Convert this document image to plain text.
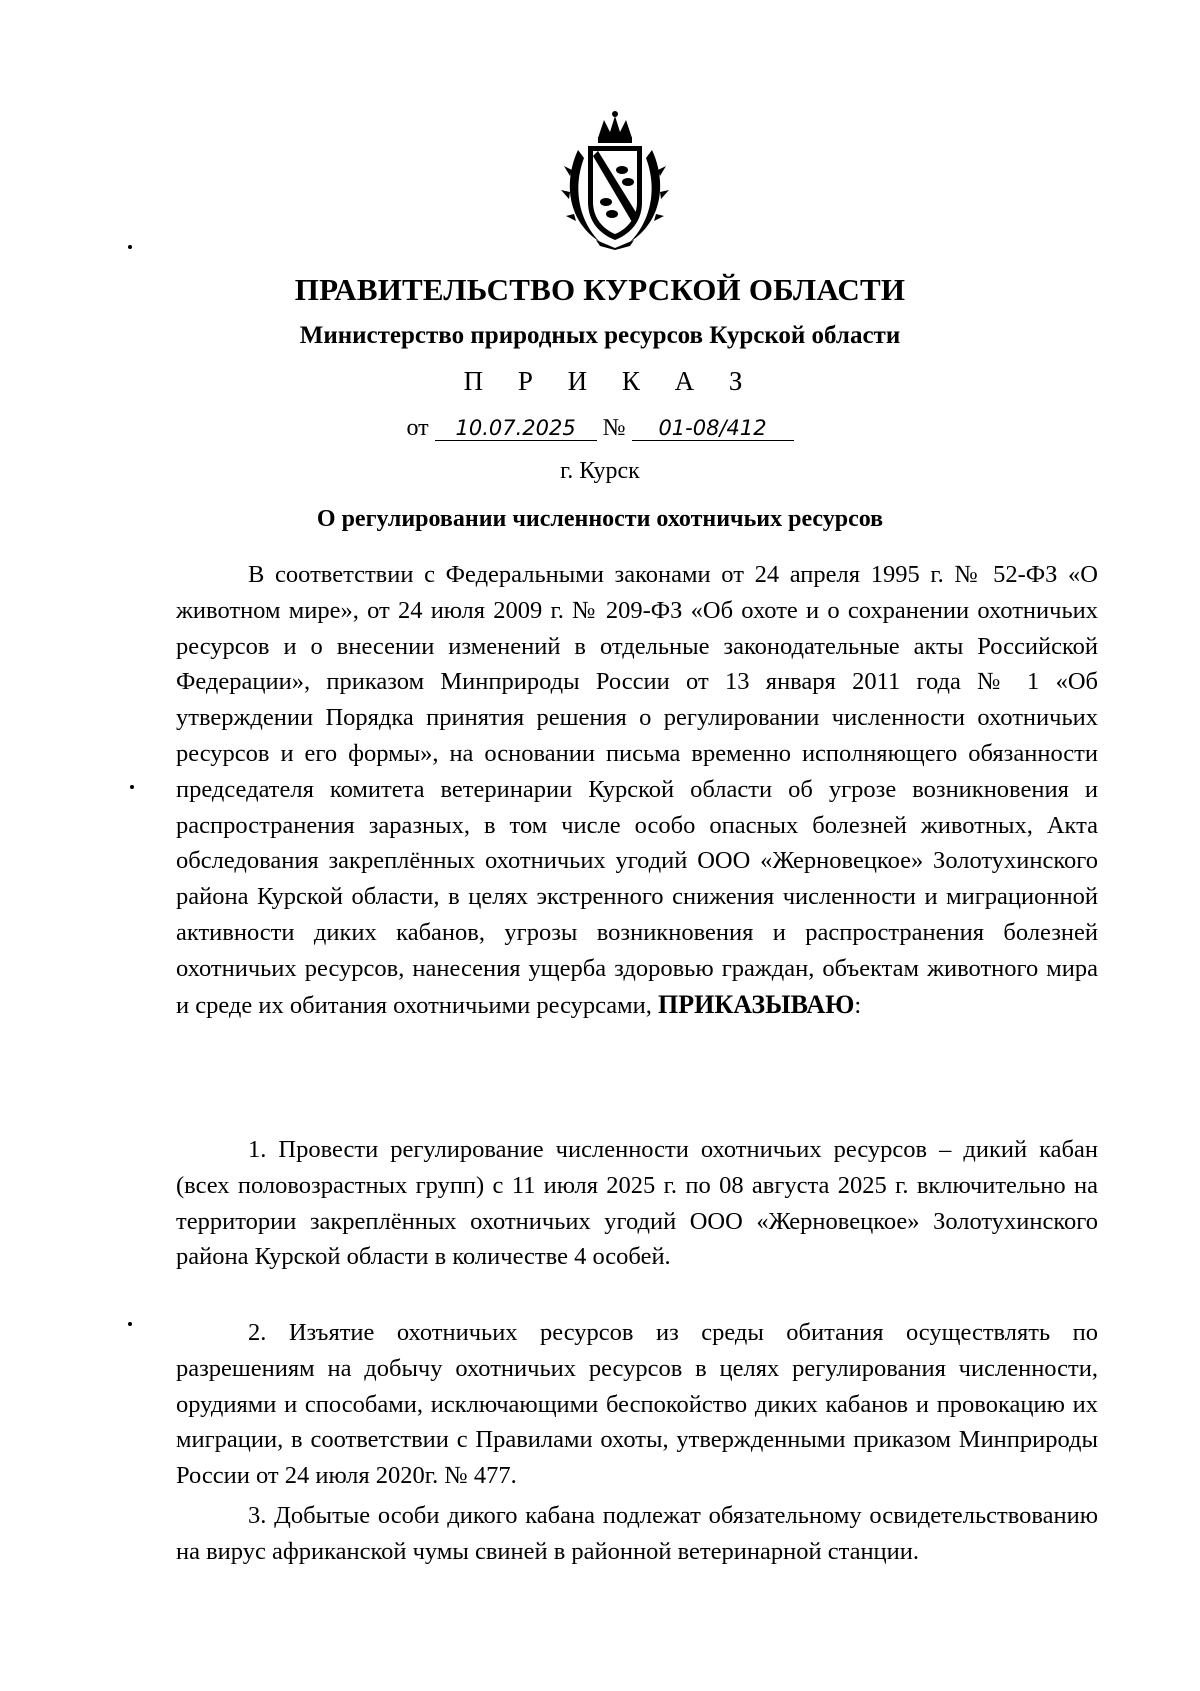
ПРАВИТЕЛЬСТВО КУРСКОЙ ОБЛАСТИ
Министерство природных ресурсов Курской области
П Р И К А З
от 10.07.2025 № 01-08/412
г. Курск
О регулировании численности охотничьих ресурсов

В соответствии с Федеральными законами от 24 апреля 1995 г. № 52-ФЗ «О животном мире», от 24 июля 2009 г. № 209-ФЗ «Об охоте и о сохранении охотничьих ресурсов и о внесении изменений в отдельные законодательные акты Российской Федерации», приказом Минприроды России от 13 января 2011 года № 1 «Об утверждении Порядка принятия решения о регулировании численности охотничьих ресурсов и его формы», на основании письма временно исполняющего обязанности председателя комитета ветеринарии Курской области об угрозе возникновения и распространения заразных, в том числе особо опасных болезней животных, Акта обследования закреплённых охотничьих угодий ООО «Жерновецкое» Золотухинского района Курской области, в целях экстренного снижения численности и миграционной активности диких кабанов, угрозы возникновения и распространения болезней охотничьих ресурсов, нанесения ущерба здоровью граждан, объектам животного мира и среде их обитания охотничьими ресурсами, ПРИКАЗЫВАЮ:

1. Провести регулирование численности охотничьих ресурсов – дикий кабан (всех половозрастных групп) с 11 июля 2025 г. по 08 августа 2025 г. включительно на территории закреплённых охотничьих угодий ООО «Жерновецкое» Золотухинского района Курской области в количестве 4 особей.

2. Изъятие охотничьих ресурсов из среды обитания осуществлять по разрешениям на добычу охотничьих ресурсов в целях регулирования численности, орудиями и способами, исключающими беспокойство диких кабанов и провокацию их миграции, в соответствии с Правилами охоты, утвержденными приказом Минприроды России от 24 июля 2020г. № 477.

3. Добытые особи дикого кабана подлежат обязательному освидетельствованию на вирус африканской чумы свиней в районной ветеринарной станции.
